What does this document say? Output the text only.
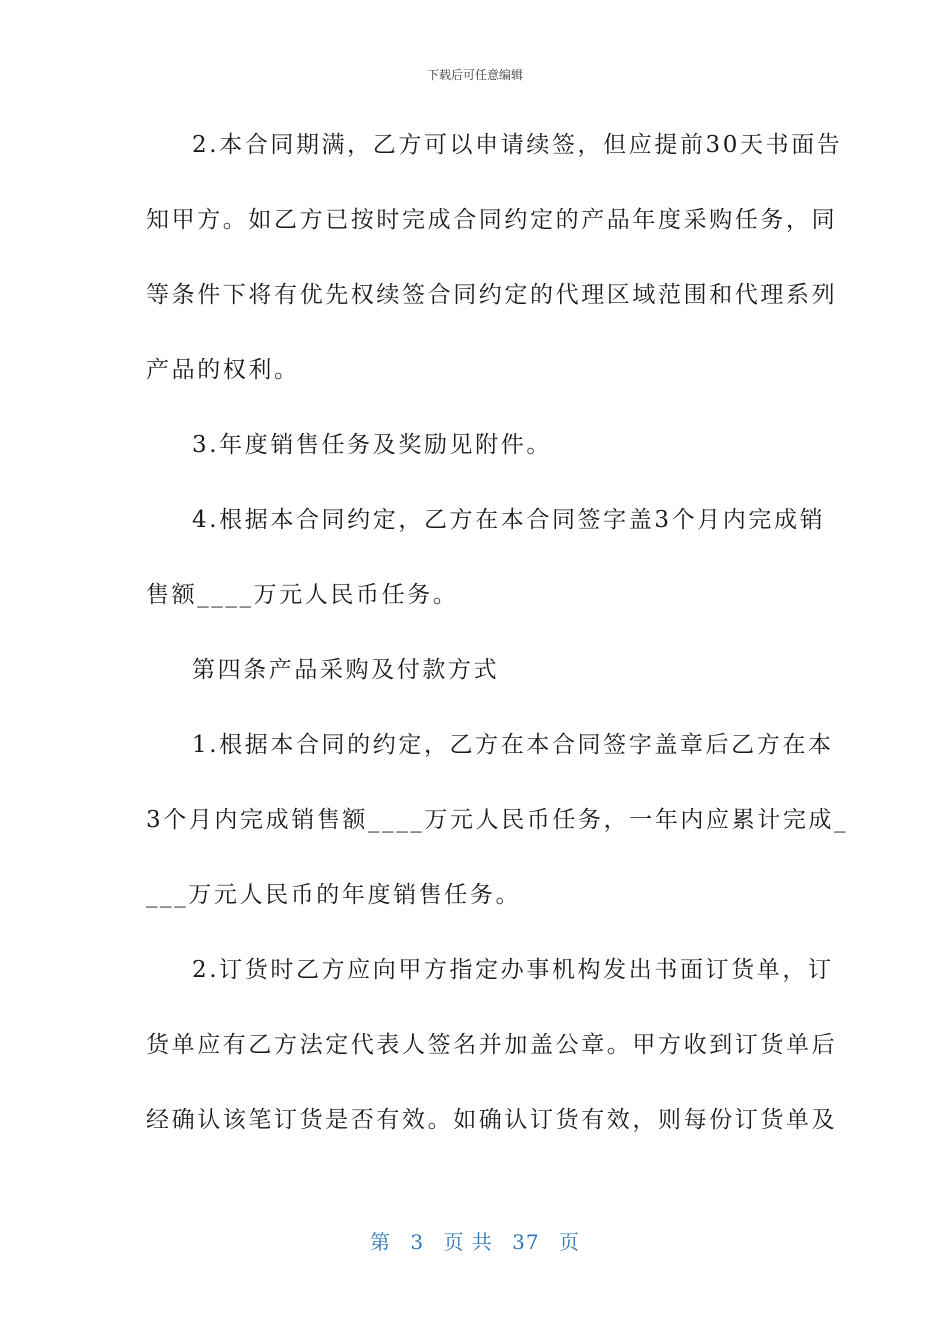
下载后可任意编辑
2.本合同期满，乙方可以申请续签，但应提前30天书面告
知甲方。如乙方已按时完成合同约定的产品年度采购任务，同
等条件下将有优先权续签合同约定的代理区域范围和代理系列
产品的权利。
3.年度销售任务及奖励见附件。
4.根据本合同约定，乙方在本合同签字盖3个月内完成销
售额____万元人民币任务。
第四条产品采购及付款方式
1.根据本合同的约定，乙方在本合同签字盖章后乙方在本
3个月内完成销售额____万元人民币任务，一年内应累计完成_
___万元人民币的年度销售任务。
2.订货时乙方应向甲方指定办事机构发出书面订货单，订
货单应有乙方法定代表人签名并加盖公章。甲方收到订货单后
经确认该笔订货是否有效。如确认订货有效，则每份订货单及
第 3 页 共 37 页
